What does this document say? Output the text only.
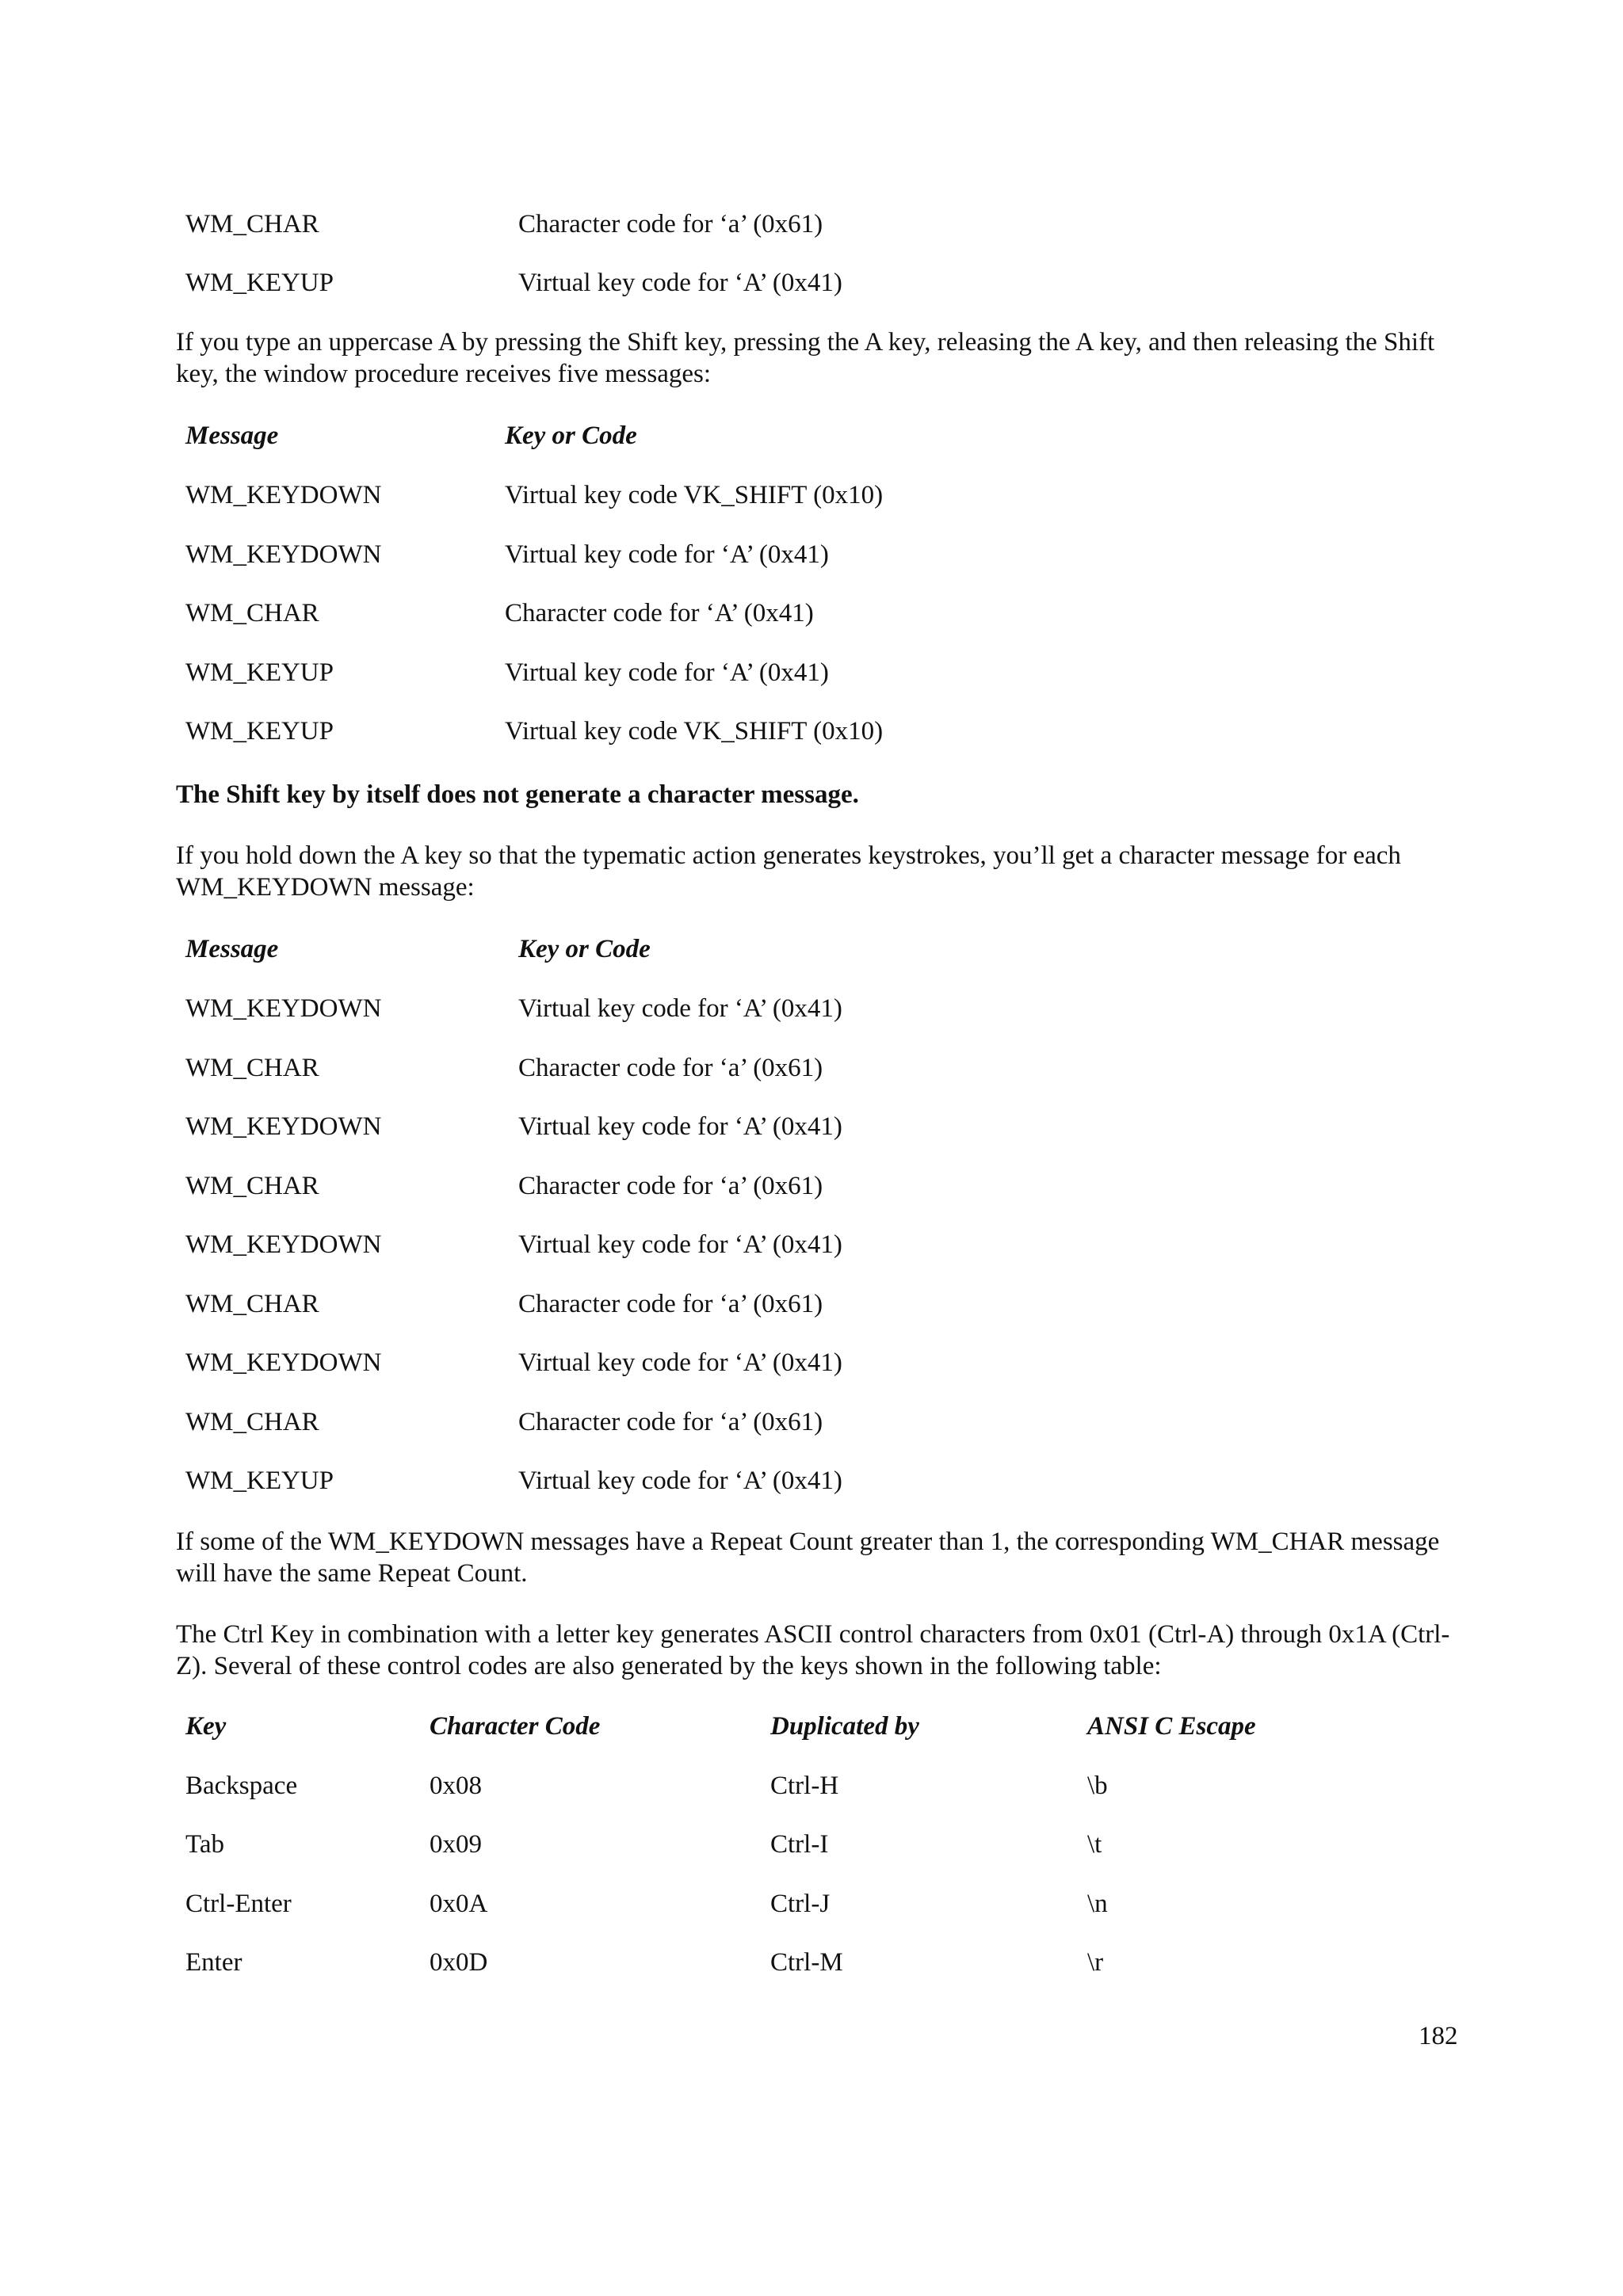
WM_CHAR	Character code for ‘a’ (0x61)
WM_KEYUP	Virtual key code for ‘A’ (0x41)
If you type an uppercase A by pressing the Shift key, pressing the A key, releasing the A key, and then releasing the Shift key, the window procedure receives five messages:
Message	Key or Code
WM_KEYDOWN	Virtual key code VK_SHIFT (0x10)
WM_KEYDOWN	Virtual key code for ‘A’ (0x41)
WM_CHAR	Character code for ‘A’ (0x41)
WM_KEYUP	Virtual key code for ‘A’ (0x41)
WM_KEYUP	Virtual key code VK_SHIFT (0x10)
The Shift key by itself does not generate a character message.
If you hold down the A key so that the typematic action generates keystrokes, you’ll get a character message for each WM_KEYDOWN message:
Message	Key or Code
WM_KEYDOWN	Virtual key code for ‘A’ (0x41)
WM_CHAR	Character code for ‘a’ (0x61)
WM_KEYDOWN	Virtual key code for ‘A’ (0x41)
WM_CHAR	Character code for ‘a’ (0x61)
WM_KEYDOWN	Virtual key code for ‘A’ (0x41)
WM_CHAR	Character code for ‘a’ (0x61)
WM_KEYDOWN	Virtual key code for ‘A’ (0x41)
WM_CHAR	Character code for ‘a’ (0x61)
WM_KEYUP	Virtual key code for ‘A’ (0x41)
If some of the WM_KEYDOWN messages have a Repeat Count greater than 1, the corresponding WM_CHAR message will have the same Repeat Count.
The Ctrl Key in combination with a letter key generates ASCII control characters from 0x01 (Ctrl-A) through 0x1A (Ctrl-Z). Several of these control codes are also generated by the keys shown in the following table:
Key	Character Code	Duplicated by	ANSI C Escape
Backspace	0x08	Ctrl-H	\b
Tab	0x09	Ctrl-I	\t
Ctrl-Enter	0x0A	Ctrl-J	\n
Enter	0x0D	Ctrl-M	\r
182
